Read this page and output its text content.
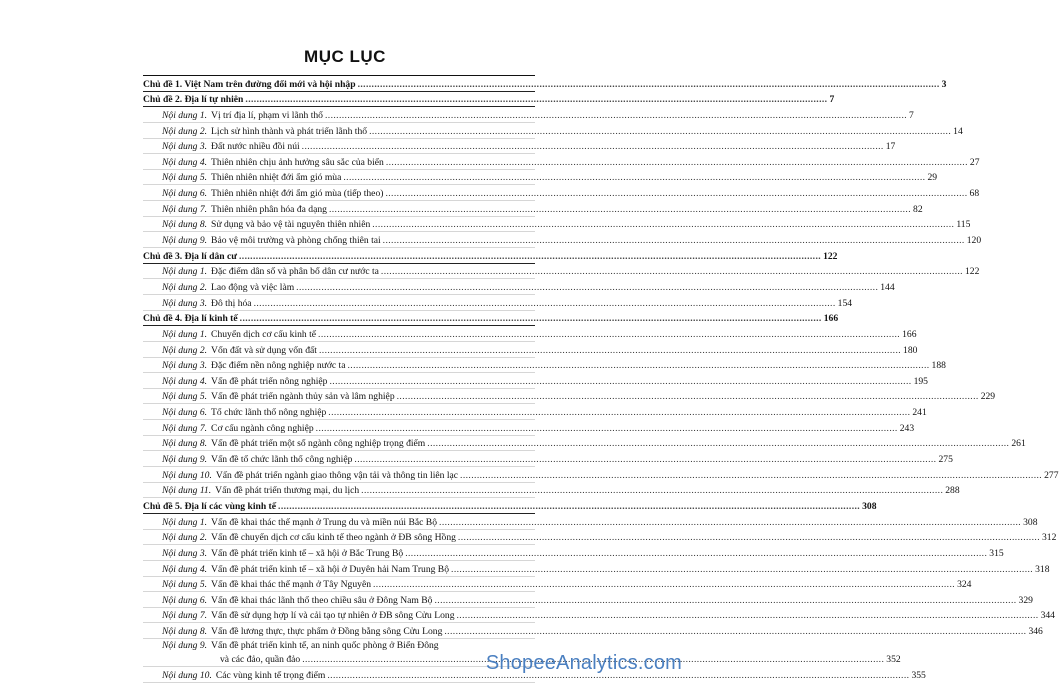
MỤC LỤC
Chủ đề 1. Việt Nam trên đường đổi mới và hội nhập .....	3
Chủ đề 2. Địa lí tự nhiên .....	7
Nội dung 1. Vị trí địa lí, phạm vi lãnh thổ .....	7
Nội dung 2. Lịch sử hình thành và phát triển lãnh thổ .....	14
Nội dung 3. Đất nước nhiều đồi núi .....	17
Nội dung 4. Thiên nhiên chịu ảnh hưởng sâu sắc của biển .....	27
Nội dung 5. Thiên nhiên nhiệt đới ẩm gió mùa .....	29
Nội dung 6. Thiên nhiên nhiệt đới ẩm gió mùa (tiếp theo) .....	68
Nội dung 7. Thiên nhiên phân hóa đa dạng .....	82
Nội dung 8. Sử dụng và bảo vệ tài nguyên thiên nhiên .....	115
Nội dung 9. Bảo vệ môi trường và phòng chống thiên tai .....	120
Chủ đề 3. Địa lí dân cư .....	122
Nội dung 1. Đặc điểm dân số và phân bố dân cư nước ta .....	122
Nội dung 2. Lao động và việc làm .....	144
Nội dung 3. Đô thị hóa .....	154
Chủ đề 4. Địa lí kinh tế .....	166
Nội dung 1. Chuyển dịch cơ cấu kinh tế .....	166
Nội dung 2. Vốn đất và sử dụng vốn đất .....	180
Nội dung 3. Đặc điểm nền nông nghiệp nước ta .....	188
Nội dung 4. Vấn đề phát triển nông nghiệp .....	195
Nội dung 5. Vấn đề phát triển ngành thủy sản và lâm nghiệp .....	229
Nội dung 6. Tổ chức lãnh thổ nông nghiệp .....	241
Nội dung 7. Cơ cấu ngành công nghiệp .....	243
Nội dung 8. Vấn đề phát triển một số ngành công nghiệp trọng điểm .....	261
Nội dung 9. Vấn đề tổ chức lãnh thổ công nghiệp .....	275
Nội dung 10. Vấn đề phát triển ngành giao thông vận tải và thông tin liên lạc .....	277
Nội dung 11. Vấn đề phát triển thương mại, du lịch .....	288
Chủ đề 5. Địa lí các vùng kinh tế .....	308
Nội dung 1. Vấn đề khai thác thế mạnh ở Trung du và miền núi Bắc Bộ .....	308
Nội dung 2. Vấn đề chuyển dịch cơ cấu kinh tế theo ngành ở ĐB sông Hồng .....	312
Nội dung 3. Vấn đề phát triển kinh tế – xã hội ở Bắc Trung Bộ .....	315
Nội dung 4. Vấn đề phát triển kinh tế – xã hội ở Duyên hải Nam Trung Bộ .....	318
Nội dung 5. Vấn đề khai thác thế mạnh ở Tây Nguyên .....	324
Nội dung 6. Vấn đề khai thác lãnh thổ theo chiều sâu ở Đông Nam Bộ .....	329
Nội dung 7. Vấn đề sử dụng hợp lí và cải tạo tự nhiên ở ĐB sông Cửu Long .....	344
Nội dung 8. Vấn đề lương thực, thực phẩm ở Đồng bằng sông Cửu Long .....	346
Nội dung 9. Vấn đề phát triển kinh tế, an ninh quốc phòng ở Biển Đông
và các đảo, quần đảo .....	352
Nội dung 10. Các vùng kinh tế trọng điểm .....	355
ShopeeAnalytics.com
